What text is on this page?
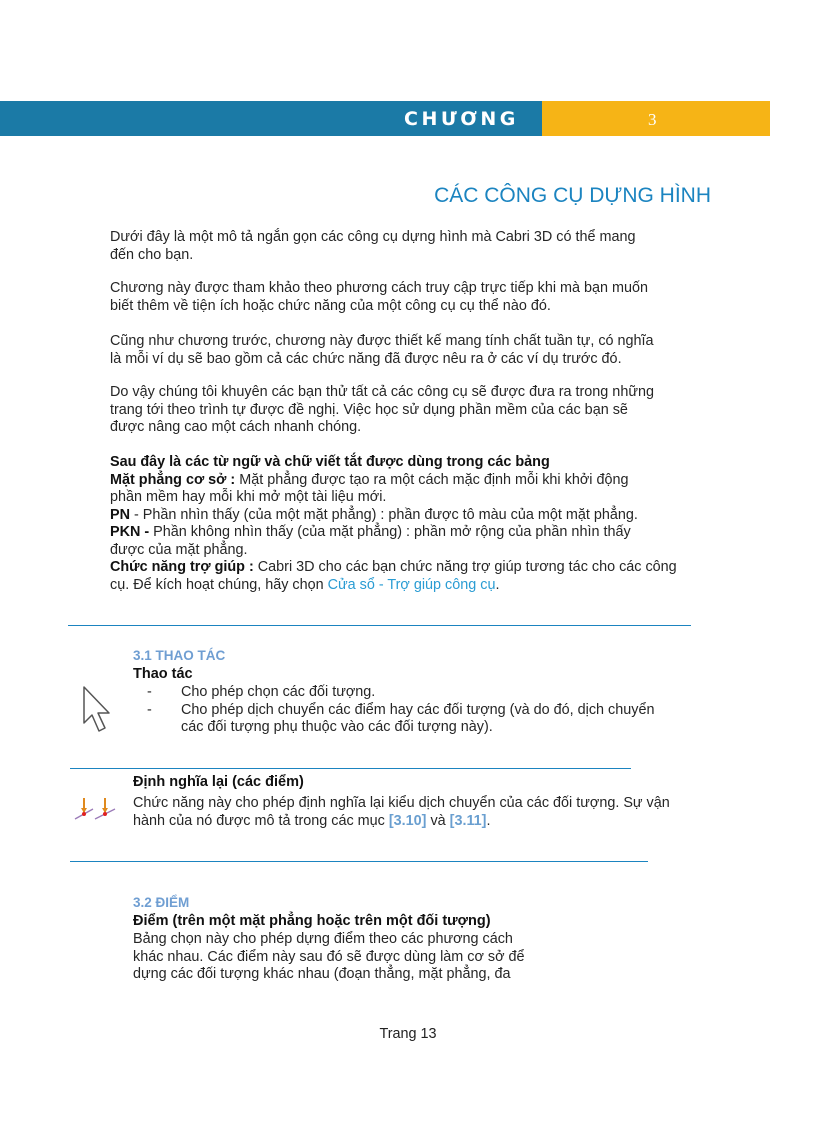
CHƯƠNG	3
CÁC CÔNG CỤ DỰNG HÌNH

Dưới đây là một mô tả ngắn gọn các công cụ dựng hình mà Cabri 3D có thể mang

đến cho bạn.

Chương này được tham khảo theo phương cách truy cập trực tiếp khi mà bạn muốn

biết thêm về tiện ích hoặc chức năng của một công cụ cụ thể nào đó.

Cũng như chương trước, chương này được thiết kế mang tính chất tuần tự, có nghĩa

là mỗi ví dụ sẽ bao gồm cả các chức năng đã được nêu ra ở các ví dụ trước đó.

Do vậy chúng tôi khuyên các bạn thử tất cả các công cụ sẽ được đưa ra trong những

trang tới theo trình tự được đề nghị. Việc học sử dụng phần mềm của các bạn sẽ

được nâng cao một cách nhanh chóng.

Sau đây là các từ ngữ và chữ viết tắt được dùng trong các bảng

Mặt phẳng cơ sở : Mặt phẳng được tạo ra một cách mặc định mỗi khi khởi động

phần mềm hay mỗi khi mở một tài liệu mới.

PN - Phần nhìn thấy (của một mặt phẳng) : phần được tô màu của một mặt phẳng.

PKN - Phần không nhìn thấy (của mặt phẳng) : phần mở rộng của phần nhìn thấy

được của mặt phẳng.

Chức năng trợ giúp : Cabri 3D cho các bạn chức năng trợ giúp tương tác cho các công

cụ. Để kích hoạt chúng, hãy chọn Cửa sổ - Trợ giúp công cụ.

3.1 THAO TÁC
Thao tác
-	Cho phép chọn các đối tượng.
-	Cho phép dịch chuyển các điểm hay các đối tượng (và do đó, dịch chuyển
các đối tượng phụ thuộc vào các đối tượng này).
Định nghĩa lại (các điểm)

Chức năng này cho phép định nghĩa lại kiểu dịch chuyển của các đối tượng. Sự vận

hành của nó được mô tả trong các mục [3.10] và [3.11].

3.2 ĐIỂM
Điểm (trên một mặt phẳng hoặc trên một đối tượng)

Bảng chọn này cho phép dựng điểm theo các phương cách

khác nhau. Các điểm này sau đó sẽ được dùng làm cơ sở để

dựng các đối tượng khác nhau (đoạn thẳng, mặt phẳng, đa

Trang 13
